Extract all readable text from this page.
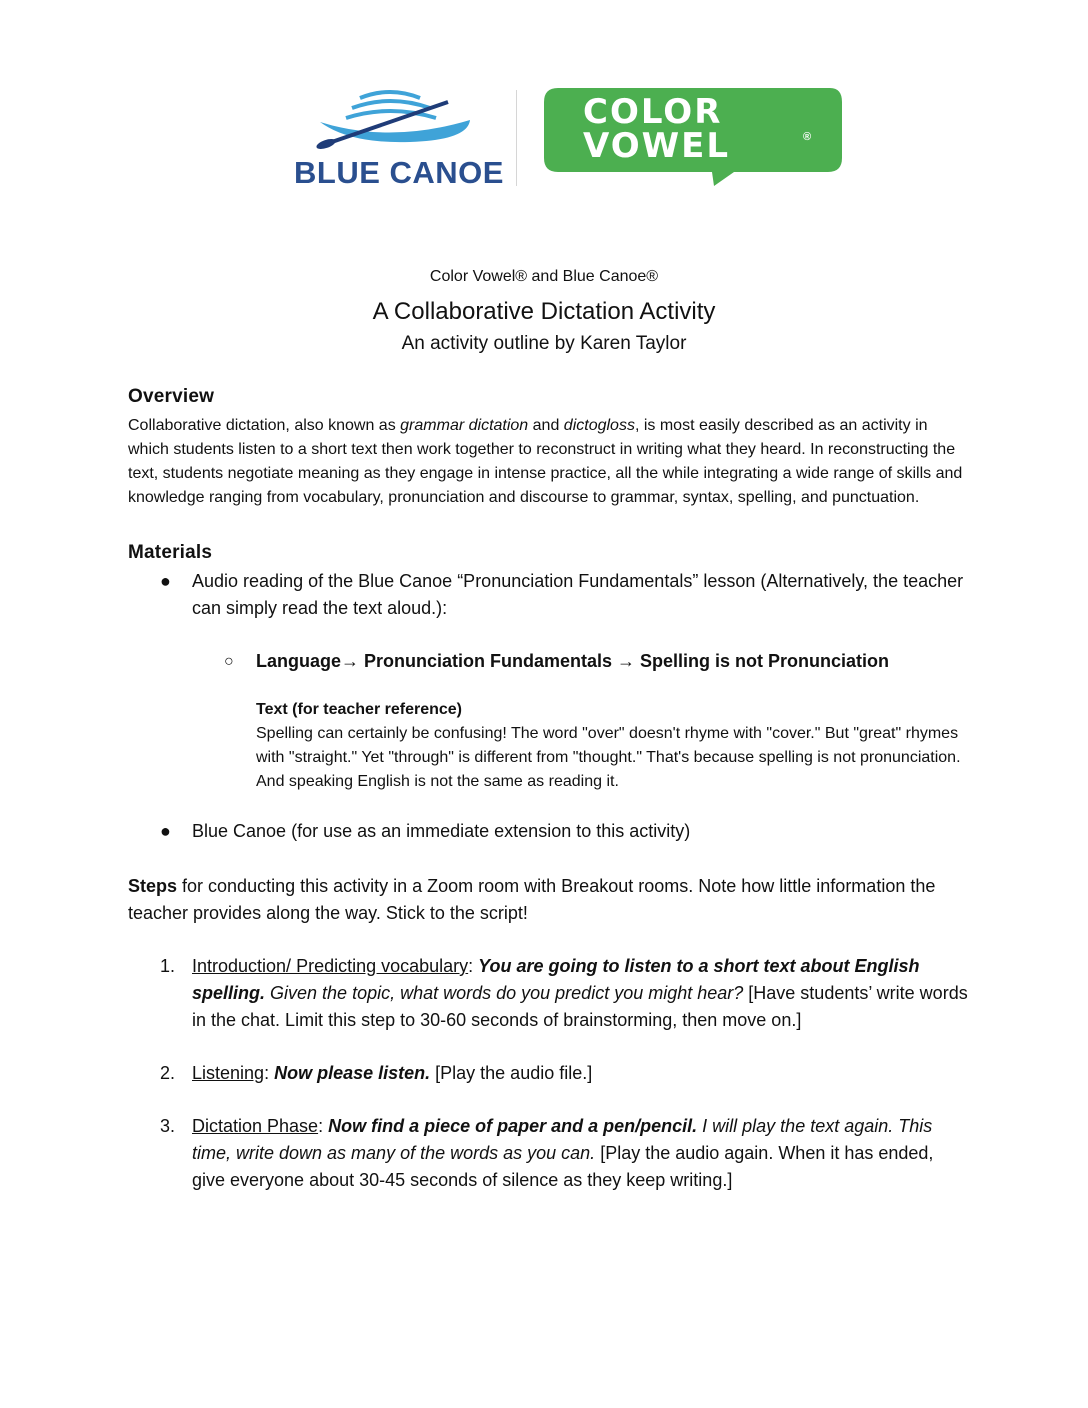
BLUE CANOE
COLOR
VOWEL	®
Color Vowel® and Blue Canoe®
A Collaborative Dictation Activity
An activity outline by Karen Taylor
Overview

Collaborative dictation, also known as grammar dictation and dictogloss, is most easily described as an activity in which students listen to a short text then work together to reconstruct in writing what they heard. In reconstructing the text, students negotiate meaning as they engage in intense practice, all the while integrating a wide range of skills and knowledge ranging from vocabulary, pronunciation and discourse to grammar, syntax, spelling, and punctuation.

Materials
● Audio reading of the Blue Canoe “Pronunciation Fundamentals” lesson (Alternatively, the teacher can simply read the text aloud.):
○ Language→ Pronunciation Fundamentals → Spelling is not Pronunciation
Text (for teacher reference)
Spelling can certainly be confusing! The word "over" doesn't rhyme with "cover." But "great" rhymes with "straight." Yet "through" is different from "thought." That's because spelling is not pronunciation. And speaking English is not the same as reading it.
● Blue Canoe (for use as an immediate extension to this activity)
Steps for conducting this activity in a Zoom room with Breakout rooms. Note how little information the teacher provides along the way. Stick to the script!
1. Introduction/ Predicting vocabulary: You are going to listen to a short text about English spelling. Given the topic, what words do you predict you might hear? [Have students’ write words in the chat. Limit this step to 30-60 seconds of brainstorming, then move on.]
2. Listening: Now please listen. [Play the audio file.]
3. Dictation Phase: Now find a piece of paper and a pen/pencil. I will play the text again. This time, write down as many of the words as you can. [Play the audio again. When it has ended, give everyone about 30-45 seconds of silence as they keep writing.]
